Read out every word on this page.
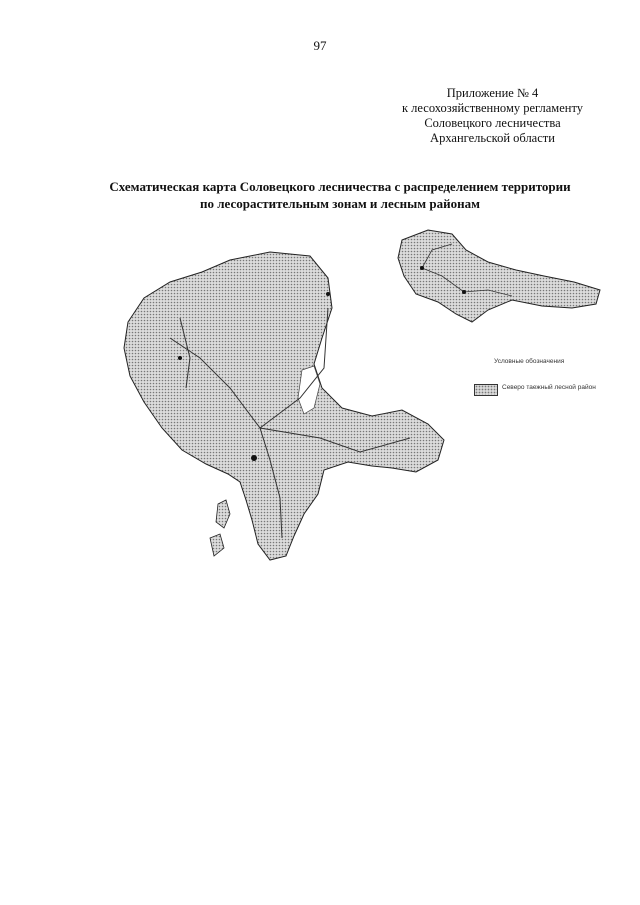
97
Приложение № 4
к лесохозяйственному регламенту
Соловецкого лесничества
Архангельской области
Схематическая карта Соловецкого лесничества с распределением территории
по лесорастительным зонам и лесным районам
Условные обозначения
Северо таежный лесной район
